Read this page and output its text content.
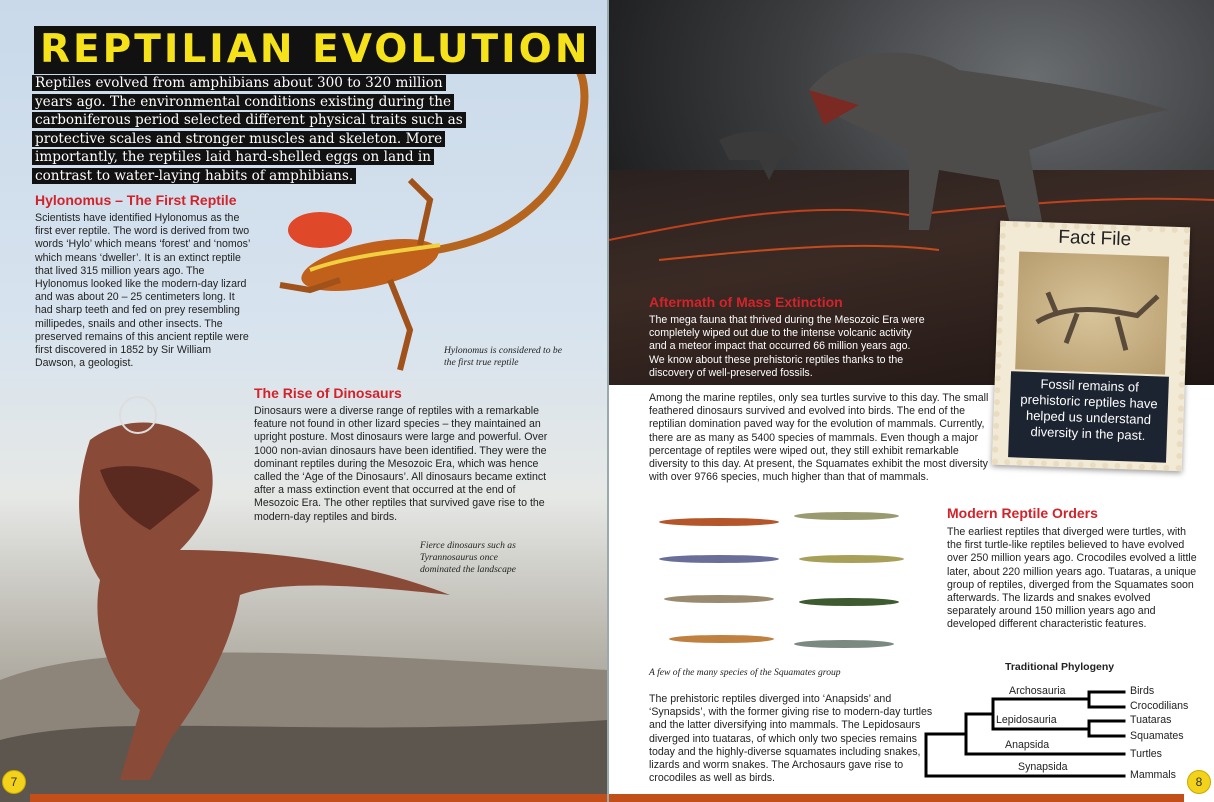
REPTILIAN EVOLUTION
Reptiles evolved from amphibians about 300 to 320 million years ago. The environmental conditions existing during the carboniferous period selected different physical traits such as protective scales and stronger muscles and skeleton. More importantly, the reptiles laid hard-shelled eggs on land in contrast to water-laying habits of amphibians.
Hylonomus – The First Reptile
Scientists have identified Hylonomus as the first ever reptile. The word is derived from two words ‘Hylo’ which means ‘forest’ and ‘nomos’ which means ‘dweller’. It is an extinct reptile that lived 315 million years ago. The Hylonomus looked like the modern-day lizard and was about 20 – 25 centimeters long. It had sharp teeth and fed on prey resembling millipedes, snails and other insects. The preserved remains of this ancient reptile were first discovered in 1852 by Sir William Dawson, a geologist.
Hylonomus is considered to be the first true reptile
The Rise of Dinosaurs
Dinosaurs were a diverse range of reptiles with a remarkable feature not found in other lizard species – they maintained an upright posture. Most dinosaurs were large and powerful. Over 1000 non-avian dinosaurs have been identified. They were the dominant reptiles during the Mesozoic Era, which was hence called the ‘Age of the Dinosaurs’. All dinosaurs became extinct after a mass extinction event that occurred at the end of Mesozoic Era. The other reptiles that survived gave rise to the modern-day reptiles and birds.
Fierce dinosaurs such as Tyrannosaurus once dominated the landscape
7
Aftermath of Mass Extinction
The mega fauna that thrived during the Mesozoic Era were completely wiped out due to the intense volcanic activity and a meteor impact that occurred 66 million years ago. We know about these prehistoric reptiles thanks to the discovery of well-preserved fossils.
Among the marine reptiles, only sea turtles survive to this day. The small feathered dinosaurs survived and evolved into birds. The end of the reptilian domination paved way for the evolution of mammals. Currently, there are as many as 5400 species of mammals. Even though a major percentage of reptiles were wiped out, they still exhibit remarkable diversity to this day. At present, the Squamates exhibit the most diversity with over 9766 species, much higher than that of mammals.
A few of the many species of the Squamates group
The prehistoric reptiles diverged into ‘Anapsids’ and ‘Synapsids’, with the former giving rise to modern-day turtles and the latter diversifying into mammals. The Lepidosaurs diverged into tuataras, of which only two species remains today and the highly-diverse squamates including snakes, lizards and worm snakes. The Archosaurs gave rise to crocodiles as well as birds.
Modern Reptile Orders
The earliest reptiles that diverged were turtles, with the first turtle-like reptiles believed to have evolved over 250 million years ago. Crocodiles evolved a little later, about 220 million years ago. Tuataras, a unique group of reptiles, diverged from the Squamates soon afterwards. The lizards and snakes evolved separately around 150 million years ago and developed different characteristic features.
8
Traditional Phylogeny
Archosauria
Lepidosauria
Anapsida
Synapsida
Birds
Crocodilians
Tuataras
Squamates
Turtles
Mammals
Fact File
Fossil remains of prehistoric reptiles have helped us understand diversity in the past.
